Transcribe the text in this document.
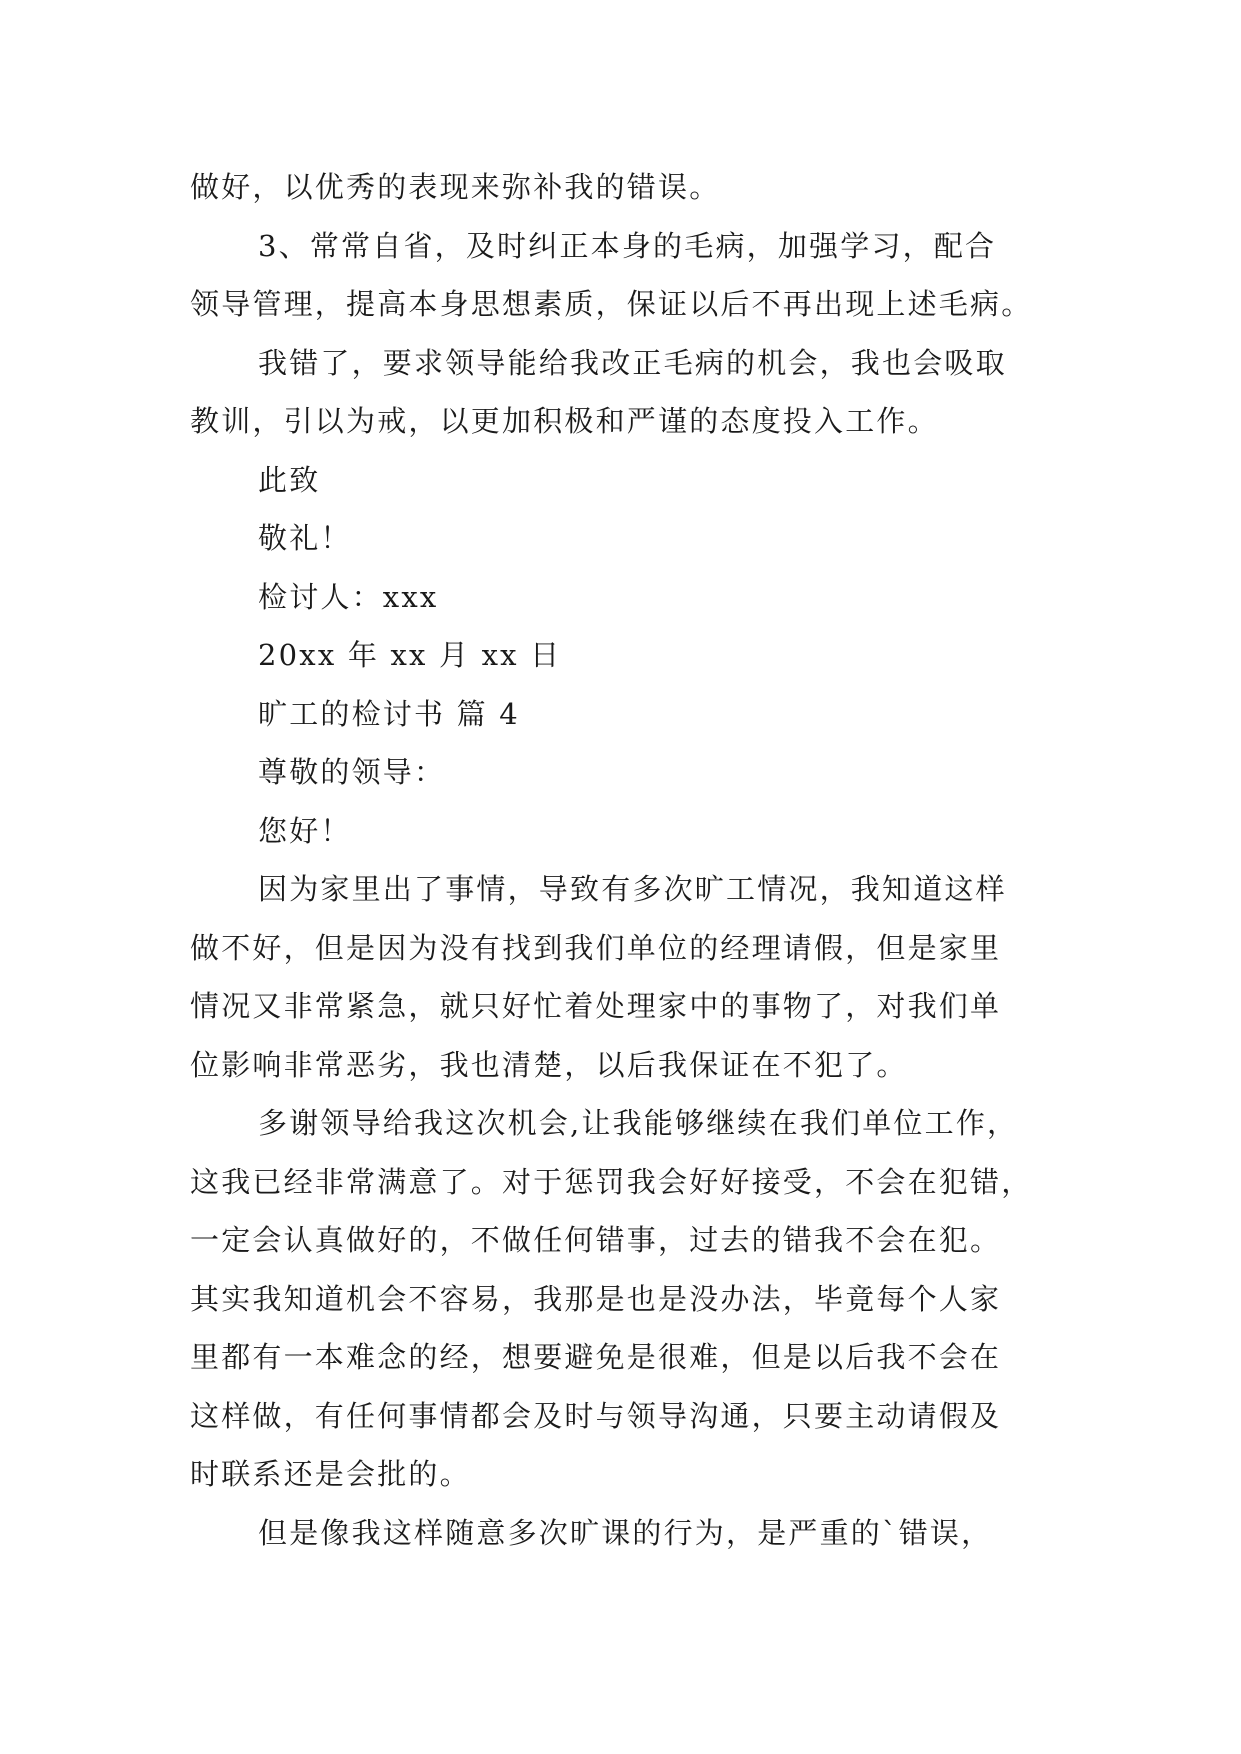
做好，以优秀的表现来弥补我的错误。
3、常常自省，及时纠正本身的毛病，加强学习，配合
领导管理，提高本身思想素质，保证以后不再出现上述毛病。
我错了，要求领导能给我改正毛病的机会，我也会吸取
教训，引以为戒，以更加积极和严谨的态度投入工作。
此致
敬礼！
检讨人：xxx
20xx 年 xx 月 xx 日
旷工的检讨书 篇 4
尊敬的领导：
您好！
因为家里出了事情，导致有多次旷工情况，我知道这样
做不好，但是因为没有找到我们单位的经理请假，但是家里
情况又非常紧急，就只好忙着处理家中的事物了，对我们单
位影响非常恶劣，我也清楚，以后我保证在不犯了。
多谢领导给我这次机会,让我能够继续在我们单位工作，
这我已经非常满意了。对于惩罚我会好好接受，不会在犯错，
一定会认真做好的，不做任何错事，过去的错我不会在犯。
其实我知道机会不容易，我那是也是没办法，毕竟每个人家
里都有一本难念的经，想要避免是很难，但是以后我不会在
这样做，有任何事情都会及时与领导沟通，只要主动请假及
时联系还是会批的。
但是像我这样随意多次旷课的行为，是严重的`错误，
